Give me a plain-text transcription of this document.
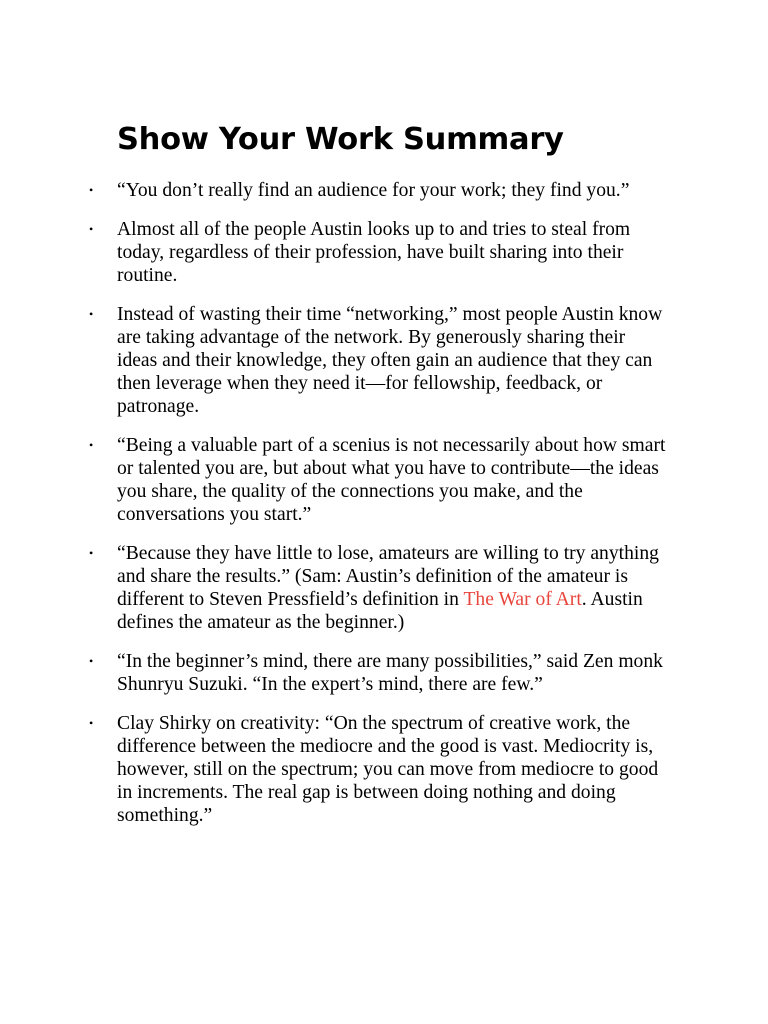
Show Your Work Summary
• “You don’t really find an audience for your work; they find you.”
• Almost all of the people Austin looks up to and tries to steal from today, regardless of their profession, have built sharing into their routine.
• Instead of wasting their time “networking,” most people Austin know are taking advantage of the network. By generously sharing their ideas and their knowledge, they often gain an audience that they can then leverage when they need it—for fellowship, feedback, or patronage.
• “Being a valuable part of a scenius is not necessarily about how smart or talented you are, but about what you have to contribute—the ideas you share, the quality of the connections you make, and the conversations you start.”
• “Because they have little to lose, amateurs are willing to try anything and share the results.” (Sam: Austin’s definition of the amateur is different to Steven Pressfield’s definition in The War of Art. Austin defines the amateur as the beginner.)
• “In the beginner’s mind, there are many possibilities,” said Zen monk Shunryu Suzuki. “In the expert’s mind, there are few.”
• Clay Shirky on creativity: “On the spectrum of creative work, the difference between the mediocre and the good is vast. Mediocrity is, however, still on the spectrum; you can move from mediocre to good in increments. The real gap is between doing nothing and doing something.”
